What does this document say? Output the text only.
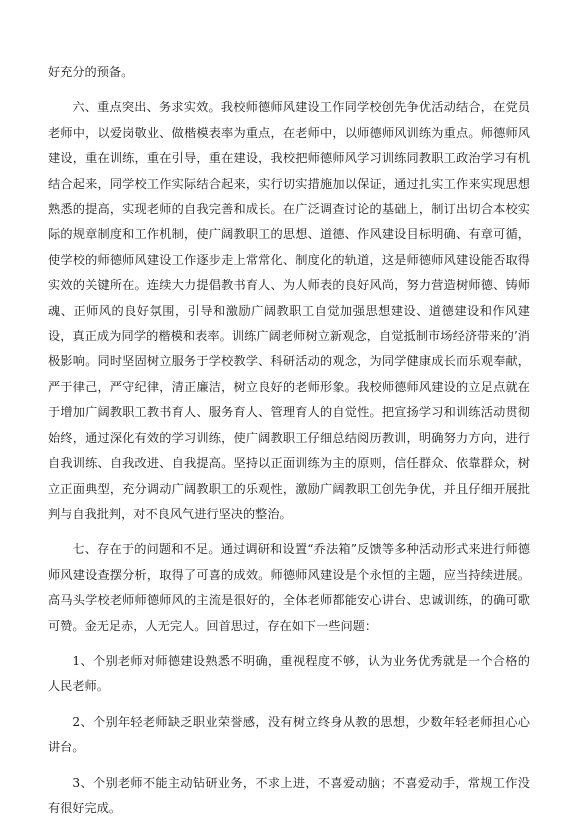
好充分的预备。

六、重点突出、务求实效。我校师德师风建设工作同学校创先争优活动结合，在党员老师中，以爱岗敬业、做楷模表率为重点，在老师中，以师德师风训练为重点。师德师风建设，重在训练，重在引导，重在建设，我校把师德师风学习训练同教职工政治学习有机结合起来，同学校工作实际结合起来，实行切实措施加以保证，通过扎实工作来实现思想熟悉的提高，实现老师的自我完善和成长。在广泛调查讨论的基础上，制订出切合本校实际的规章制度和工作机制，使广阔教职工的思想、道德、作风建设目标明确、有章可循，使学校的师德师风建设工作逐步走上常常化、制度化的轨道，这是师德师风建设能否取得实效的关键所在。连续大力提倡教书育人、为人师表的良好风尚，努力营造树师德、铸师魂、正师风的良好氛围，引导和激励广阔教职工自觉加强思想建设、道德建设和作风建设，真正成为同学的楷模和表率。训练广阔老师树立新观念，自觉抵制市场经济带来的’消极影响。同时坚固树立服务于学校教学、科研活动的观念，为同学健康成长而乐观奉献，严于律己，严守纪律，清正廉洁，树立良好的老师形象。我校师德师风建设的立足点就在于增加广阔教职工教书育人、服务育人、管理育人的自觉性。把宣扬学习和训练活动贯彻始终，通过深化有效的学习训练，使广阔教职工仔细总结阅历教训，明确努力方向，进行自我训练、自我改进、自我提高。坚持以正面训练为主的原则，信任群众、依靠群众，树立正面典型，充分调动广阔教职工的乐观性，激励广阔教职工创先争优，并且仔细开展批判与自我批判，对不良风气进行坚决的整治。

七、存在于的问题和不足。通过调研和设置“乔法箱”反馈等多种活动形式来进行师德师风建设查摆分析，取得了可喜的成效。师德师风建设是个永恒的主题，应当持续进展。高马头学校老师师德师风的主流是很好的，全体老师都能安心讲台、忠诚训练，的确可歌可赞。金无足赤，人无完人。回首思过，存在如下一些问题：

1、个别老师对师德建设熟悉不明确，重视程度不够，认为业务优秀就是一个合格的人民老师。

2、个别年轻老师缺乏职业荣誉感，没有树立终身从教的思想，少数年轻老师担心心讲台。

3、个别老师不能主动钻研业务，不求上进，不喜爱动脑；不喜爱动手，常规工作没有很好完成。
